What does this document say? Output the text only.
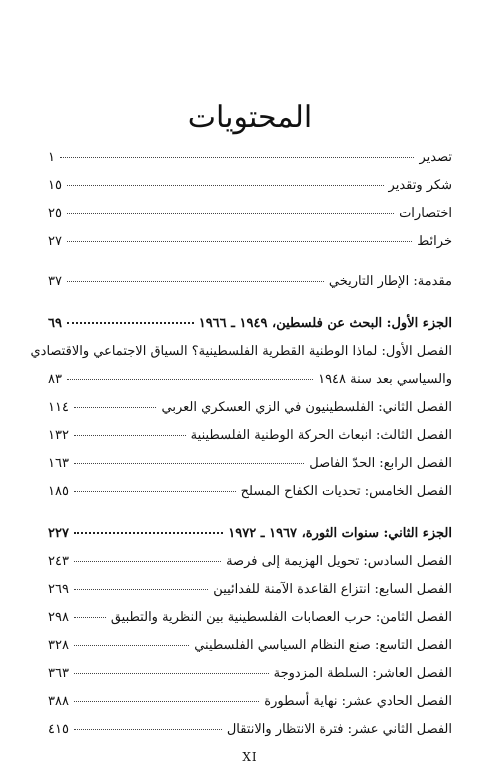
المحتويات
تصدير
١
شكر وتقدير
١٥
اختصارات
٢٥
خرائط
٢٧
مقدمة: الإطار التاريخي
٣٧
الجزء الأول: البحث عن فلسطين، ١٩٤٩ ـ ١٩٦٦
٦٩
الفصل الأول: لماذا الوطنية القطرية الفلسطينية؟ السياق الاجتماعي والاقتصادي
والسياسي بعد سنة ١٩٤٨
٨٣
الفصل الثاني: الفلسطينيون في الزي العسكري العربي
١١٤
الفصل الثالث: انبعاث الحركة الوطنية الفلسطينية
١٣٢
الفصل الرابع: الحدّ الفاصل
١٦٣
الفصل الخامس: تحديات الكفاح المسلح
١٨٥
الجزء الثاني: سنوات الثورة، ١٩٦٧ ـ ١٩٧٢
٢٢٧
الفصل السادس: تحويل الهزيمة إلى فرصة
٢٤٣
الفصل السابع: انتزاع القاعدة الآمنة للفدائيين
٢٦٩
الفصل الثامن: حرب العصابات الفلسطينية بين النظرية والتطبيق
٢٩٨
الفصل التاسع: صنع النظام السياسي الفلسطيني
٣٢٨
الفصل العاشر: السلطة المزدوجة
٣٦٣
الفصل الحادي عشر: نهاية أسطورة
٣٨٨
الفصل الثاني عشر: فترة الانتظار والانتقال
٤١٥
XI
